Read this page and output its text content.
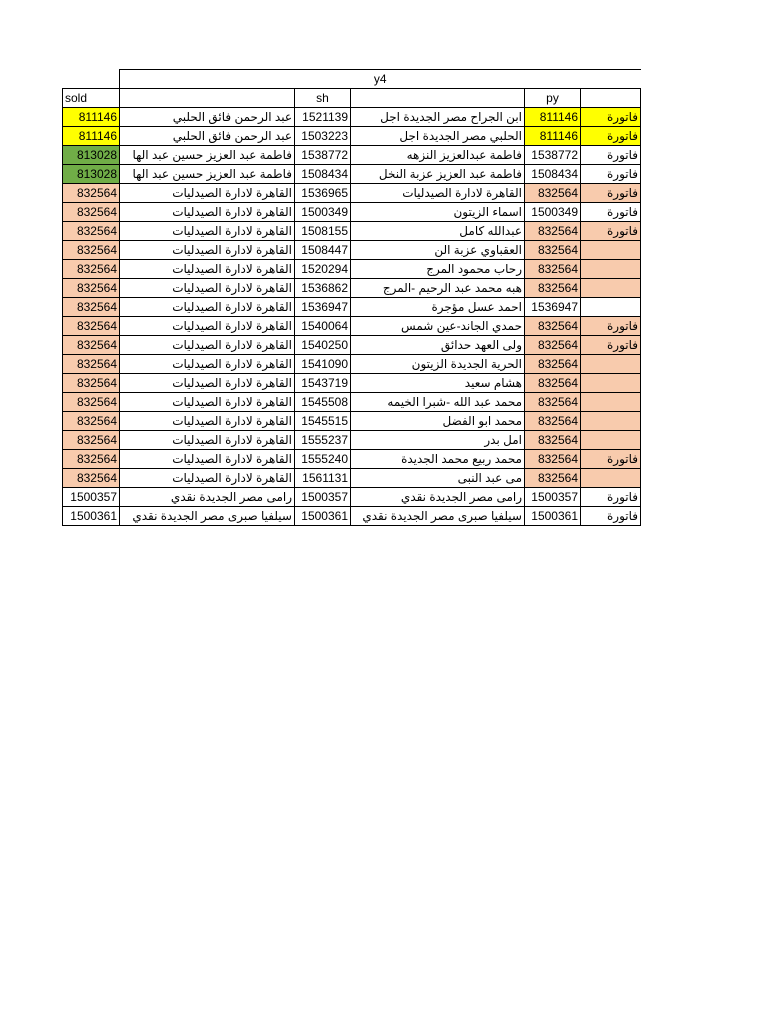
	y4				
sold		sh		py	
811146	عبد الرحمن فائق الحلبي	1521139	ابن الجراح مصر الجديدة اجل	811146	فاتورة
811146	عبد الرحمن فائق الحلبي	1503223	الحلبي مصر الجديدة اجل	811146	فاتورة
813028	فاطمة عبد العزيز حسين عبد الها	1538772	فاطمة عبدالعزيز النزهه	1538772	فاتورة
813028	فاطمة عبد العزيز حسين عبد الها	1508434	فاطمة عبد العزيز عزبة النخل	1508434	فاتورة
832564	القاهرة لادارة الصيدليات	1536965	القاهرة لادارة الصيدليات	832564	فاتورة
832564	القاهرة لادارة الصيدليات	1500349	اسماء الزيتون	1500349	فاتورة
832564	القاهرة لادارة الصيدليات	1508155	عبدالله كامل	832564	فاتورة
832564	القاهرة لادارة الصيدليات	1508447	العقباوي عزبة الن	832564	
832564	القاهرة لادارة الصيدليات	1520294	رحاب محمود المرج	832564	
832564	القاهرة لادارة الصيدليات	1536862	هبه محمد عبد الرحيم -المرج	832564	
832564	القاهرة لادارة الصيدليات	1536947	احمد عسل مؤجرة	1536947	
832564	القاهرة لادارة الصيدليات	1540064	حمدي الجاند-عين شمس	832564	فاتورة
832564	القاهرة لادارة الصيدليات	1540250	ولى العهد حدائق	832564	فاتورة
832564	القاهرة لادارة الصيدليات	1541090	الحرية الجديدة الزيتون	832564	
832564	القاهرة لادارة الصيدليات	1543719	هشام سعيد	832564	
832564	القاهرة لادارة الصيدليات	1545508	محمد عبد الله -شبرا الخيمه	832564	
832564	القاهرة لادارة الصيدليات	1545515	محمد ابو الفضل	832564	
832564	القاهرة لادارة الصيدليات	1555237	امل بدر	832564	
832564	القاهرة لادارة الصيدليات	1555240	محمد ربيع محمد الجديدة	832564	فاتورة
832564	القاهرة لادارة الصيدليات	1561131	مى عبد النبى	832564	
1500357	رامى مصر الجديدة نقدي	1500357	رامى مصر الجديدة نقدي	1500357	فاتورة
1500361	سيلفيا صبرى مصر الجديدة نقدي	1500361	سيلفيا صبرى مصر الجديدة نقدي	1500361	فاتورة
